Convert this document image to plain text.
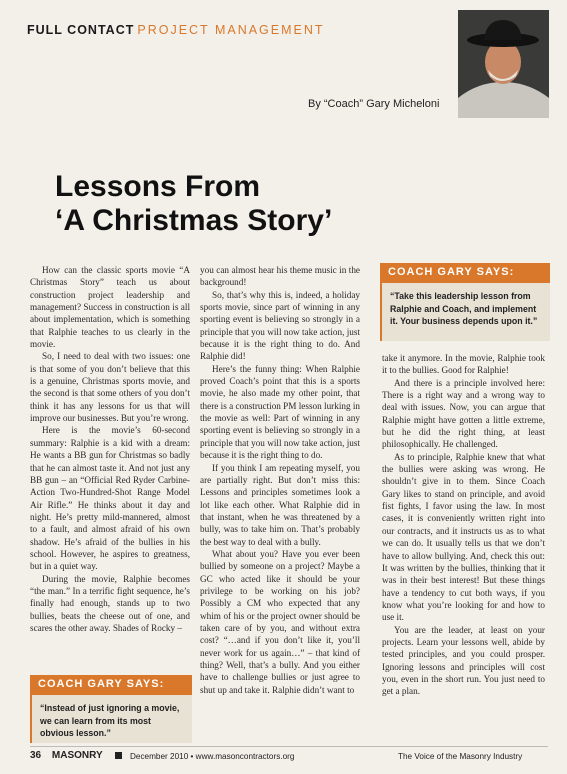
FULL CONTACT PROJECT MANAGEMENT
By “Coach” Gary Micheloni
Lessons From
‘A Christmas Story’

How can the classic sports movie “A Christmas Story” teach us about construction project leadership and management? Success in construction is all about implementation, which is something that Ralphie teaches to us clearly in the movie.

So, I need to deal with two issues: one is that some of you don’t believe that this is a genuine, Christmas sports movie, and the second is that some others of you don’t think it has any lessons for us that will improve our businesses. But you’re wrong.

Here is the movie’s 60-second summary: Ralphie is a kid with a dream: He wants a BB gun for Christmas so badly that he can almost taste it. And not just any BB gun – an “Official Red Ryder Carbine-Action Two-Hundred-Shot Range Model Air Rifle.” He thinks about it day and night. He’s pretty mild-mannered, almost to a fault, and almost afraid of his own shadow. He’s afraid of the bullies in his school. However, he aspires to greatness, but in a quiet way.

During the movie, Ralphie becomes “the man.” In a terrific fight sequence, he’s finally had enough, stands up to two bullies, beats the cheese out of one, and scares the other away. Shades of Rocky –

you can almost hear his theme music in the background!

So, that’s why this is, indeed, a holiday sports movie, since part of winning in any sporting event is believing so strongly in a principle that you will now take action, just because it is the right thing to do. And Ralphie did!

Here’s the funny thing: When Ralphie proved Coach’s point that this is a sports movie, he also made my other point, that there is a construction PM lesson lurking in the movie as well: Part of winning in any sporting event is believing so strongly in a principle that you will now take action, just because it is the right thing to do.

If you think I am repeating myself, you are partially right. But don’t miss this: Lessons and principles sometimes look a lot like each other. What Ralphie did in that instant, when he was threatened by a bully, was to take him on. That’s probably the best way to deal with a bully.

What about you? Have you ever been bullied by someone on a project? Maybe a GC who acted like it should be your privilege to be working on his job? Possibly a CM who expected that any whim of his or the project owner should be taken care of by you, and without extra cost? “…and if you don’t like it, you’ll never work for us again…” – that kind of thing? Well, that’s a bully. And you either have to challenge bullies or just agree to shut up and take it. Ralphie didn’t want to

COACH GARY SAYS:
“Take this leadership lesson from Ralphie and Coach, and implement it. Your business depends upon it.”

take it anymore. In the movie, Ralphie took it to the bullies. Good for Ralphie!

And there is a principle involved here: There is a right way and a wrong way to deal with issues. Now, you can argue that Ralphie might have gotten a little extreme, but he did the right thing, at least philosophically. He challenged.

As to principle, Ralphie knew that what the bullies were asking was wrong. He shouldn’t give in to them. Since Coach Gary likes to stand on principle, and avoid fist fights, I favor using the law. In most cases, it is conveniently written right into our contracts, and it instructs us as to what we can do. It usually tells us that we don’t have to allow bullying. And, check this out: It was written by the bullies, thinking that it was in their best interest! But these things have a tendency to cut both ways, if you know what you’re looking for and how to use it.

You are the leader, at least on your projects. Learn your lessons well, abide by tested principles, and you could prosper. Ignoring lessons and principles will cost you, even in the short run. You just need to get a plan.

COACH GARY SAYS:
“Instead of just ignoring a movie, we can learn from its most obvious lesson.”
36 MASONRY	December 2010 • www.masoncontractors.org	The Voice of the Masonry Industry
